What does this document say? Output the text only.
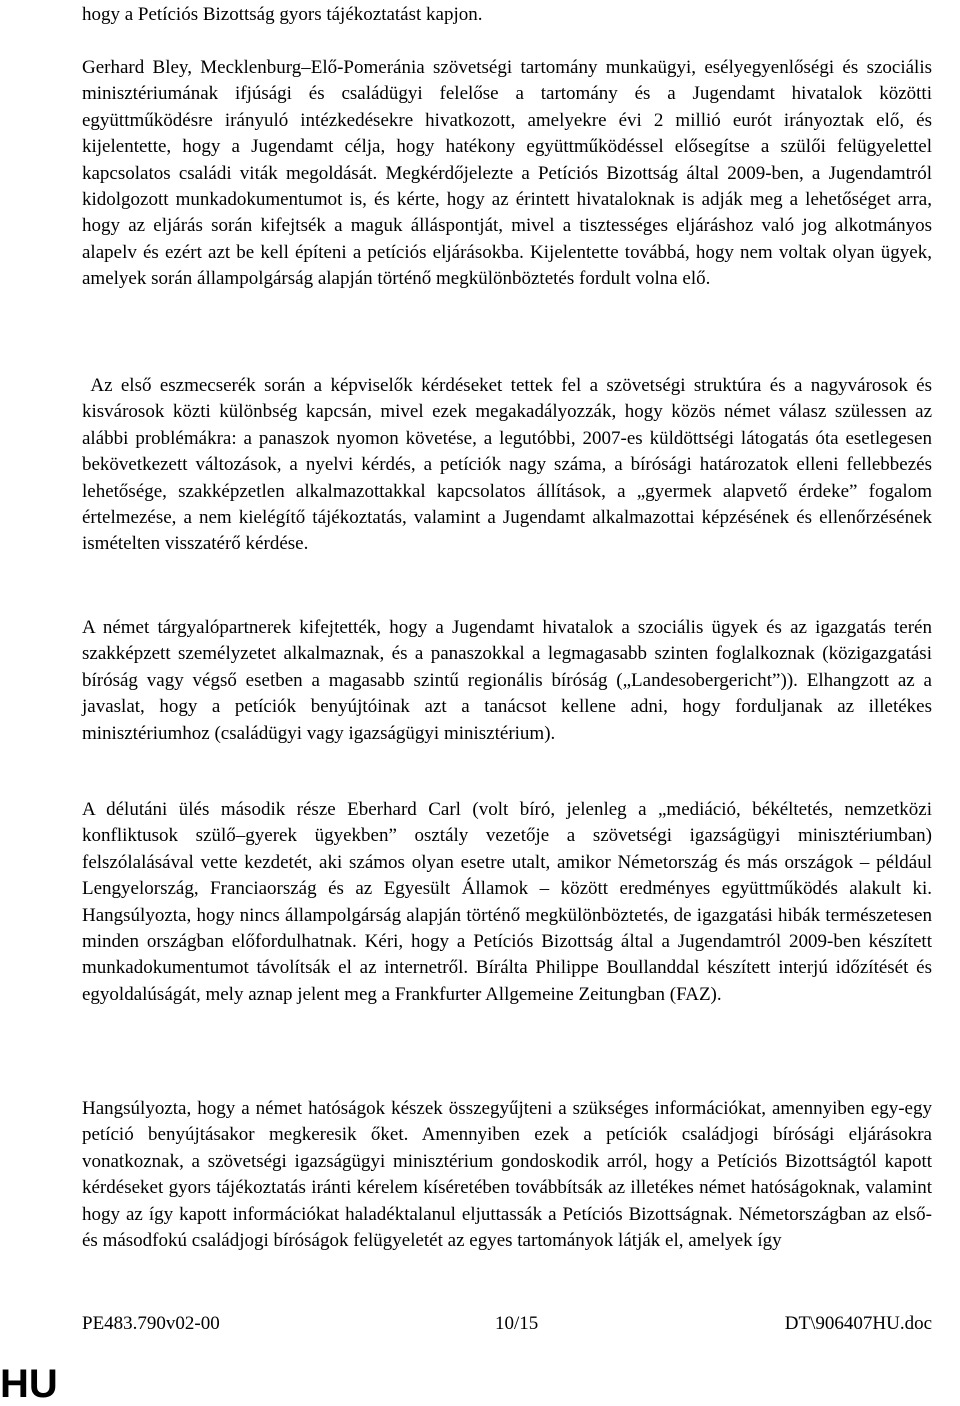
hogy a Petíciós Bizottság gyors tájékoztatást kapjon.

Gerhard Bley, Mecklenburg–Elő-Pomeránia szövetségi tartomány munkaügyi, esélyegyenlőségi és szociális minisztériumának ifjúsági és családügyi felelőse a tartomány és a Jugendamt hivatalok közötti együttműködésre irányuló intézkedésekre hivatkozott, amelyekre évi 2 millió eurót irányoztak elő, és kijelentette, hogy a Jugendamt célja, hogy hatékony együttműködéssel elősegítse a szülői felügyelettel kapcsolatos családi viták megoldását. Megkérdőjelezte a Petíciós Bizottság által 2009-ben, a Jugendamtról kidolgozott munkadokumentumot is, és kérte, hogy az érintett hivataloknak is adják meg a lehetőséget arra, hogy az eljárás során kifejtsék a maguk álláspontját, mivel a tisztességes eljáráshoz való jog alkotmányos alapelv és ezért azt be kell építeni a petíciós eljárásokba. Kijelentette továbbá, hogy nem voltak olyan ügyek, amelyek során állampolgárság alapján történő megkülönböztetés fordult volna elő.

Az első eszmecserék során a képviselők kérdéseket tettek fel a szövetségi struktúra és a nagyvárosok és kisvárosok közti különbség kapcsán, mivel ezek megakadályozzák, hogy közös német válasz szülessen az alábbi problémákra: a panaszok nyomon követése, a legutóbbi, 2007-es küldöttségi látogatás óta esetlegesen bekövetkezett változások, a nyelvi kérdés, a petíciók nagy száma, a bírósági határozatok elleni fellebbezés lehetősége, szakképzetlen alkalmazottakkal kapcsolatos állítások, a „gyermek alapvető érdeke” fogalom értelmezése, a nem kielégítő tájékoztatás, valamint a Jugendamt alkalmazottai képzésének és ellenőrzésének ismételten visszatérő kérdése.

A német tárgyalópartnerek kifejtették, hogy a Jugendamt hivatalok a szociális ügyek és az igazgatás terén szakképzett személyzetet alkalmaznak, és a panaszokkal a legmagasabb szinten foglalkoznak (közigazgatási bíróság vagy végső esetben a magasabb szintű regionális bíróság („Landesobergericht”)). Elhangzott az a javaslat, hogy a petíciók benyújtóinak azt a tanácsot kellene adni, hogy forduljanak az illetékes minisztériumhoz (családügyi vagy igazságügyi minisztérium).

A délutáni ülés második része Eberhard Carl (volt bíró, jelenleg a „mediáció, békéltetés, nemzetközi konfliktusok szülő–gyerek ügyekben” osztály vezetője a szövetségi igazságügyi minisztériumban) felszólalásával vette kezdetét, aki számos olyan esetre utalt, amikor Németország és más országok – például Lengyelország, Franciaország és az Egyesült Államok – között eredményes együttműködés alakult ki. Hangsúlyozta, hogy nincs állampolgárság alapján történő megkülönböztetés, de igazgatási hibák természetesen minden országban előfordulhatnak. Kéri, hogy a Petíciós Bizottság által a Jugendamtról 2009-ben készített munkadokumentumot távolítsák el az internetről. Bírálta Philippe Boullanddal készített interjú időzítését és egyoldalúságát, mely aznap jelent meg a Frankfurter Allgemeine Zeitungban (FAZ).

Hangsúlyozta, hogy a német hatóságok készek összegyűjteni a szükséges információkat, amennyiben egy-egy petíció benyújtásakor megkeresik őket. Amennyiben ezek a petíciók családjogi bírósági eljárásokra vonatkoznak, a szövetségi igazságügyi minisztérium gondoskodik arról, hogy a Petíciós Bizottságtól kapott kérdéseket gyors tájékoztatás iránti kérelem kíséretében továbbítsák az illetékes német hatóságoknak, valamint hogy az így kapott információkat haladéktalanul eljuttassák a Petíciós Bizottságnak. Németországban az első- és másodfokú családjogi bíróságok felügyeletét az egyes tartományok látják el, amelyek így

PE483.790v02-00	10/15	DT\906407HU.doc
HU
